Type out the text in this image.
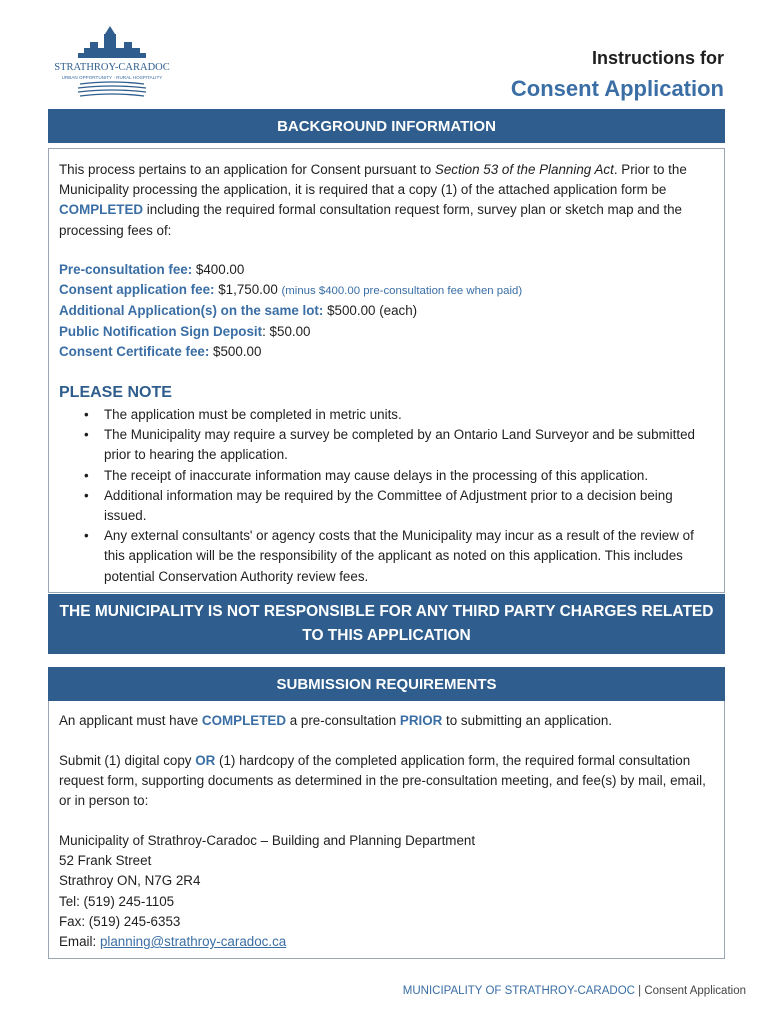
STRATHROY-CARADOC
URBAN OPPORTUNITY · RURAL HOSPITALITY
Instructions for
Consent Application
BACKGROUND INFORMATION
This process pertains to an application for Consent pursuant to Section 53 of the Planning Act. Prior to the Municipality processing the application, it is required that a copy (1) of the attached application form be COMPLETED including the required formal consultation request form, survey plan or sketch map and the processing fees of:
Pre-consultation fee: $400.00
Consent application fee: $1,750.00 (minus $400.00 pre-consultation fee when paid)
Additional Application(s) on the same lot: $500.00 (each)
Public Notification Sign Deposit: $50.00
Consent Certificate fee: $500.00
PLEASE NOTE
• The application must be completed in metric units.
• The Municipality may require a survey be completed by an Ontario Land Surveyor and be submitted prior to hearing the application.
• The receipt of inaccurate information may cause delays in the processing of this application.
• Additional information may be required by the Committee of Adjustment prior to a decision being issued.
• Any external consultants' or agency costs that the Municipality may incur as a result of the review of this application will be the responsibility of the applicant as noted on this application. This includes potential Conservation Authority review fees.
THE MUNICIPALITY IS NOT RESPONSIBLE FOR ANY THIRD PARTY CHARGES RELATED TO THIS APPLICATION
SUBMISSION REQUIREMENTS
An applicant must have COMPLETED a pre-consultation PRIOR to submitting an application.
Submit (1) digital copy OR (1) hardcopy of the completed application form, the required formal consultation request form, supporting documents as determined in the pre-consultation meeting, and fee(s) by mail, email, or in person to:
Municipality of Strathroy-Caradoc – Building and Planning Department
52 Frank Street
Strathroy ON, N7G 2R4
Tel: (519) 245-1105
Fax: (519) 245-6353
Email: planning@strathroy-caradoc.ca
MUNICIPALITY OF STRATHROY-CARADOC | Consent Application
